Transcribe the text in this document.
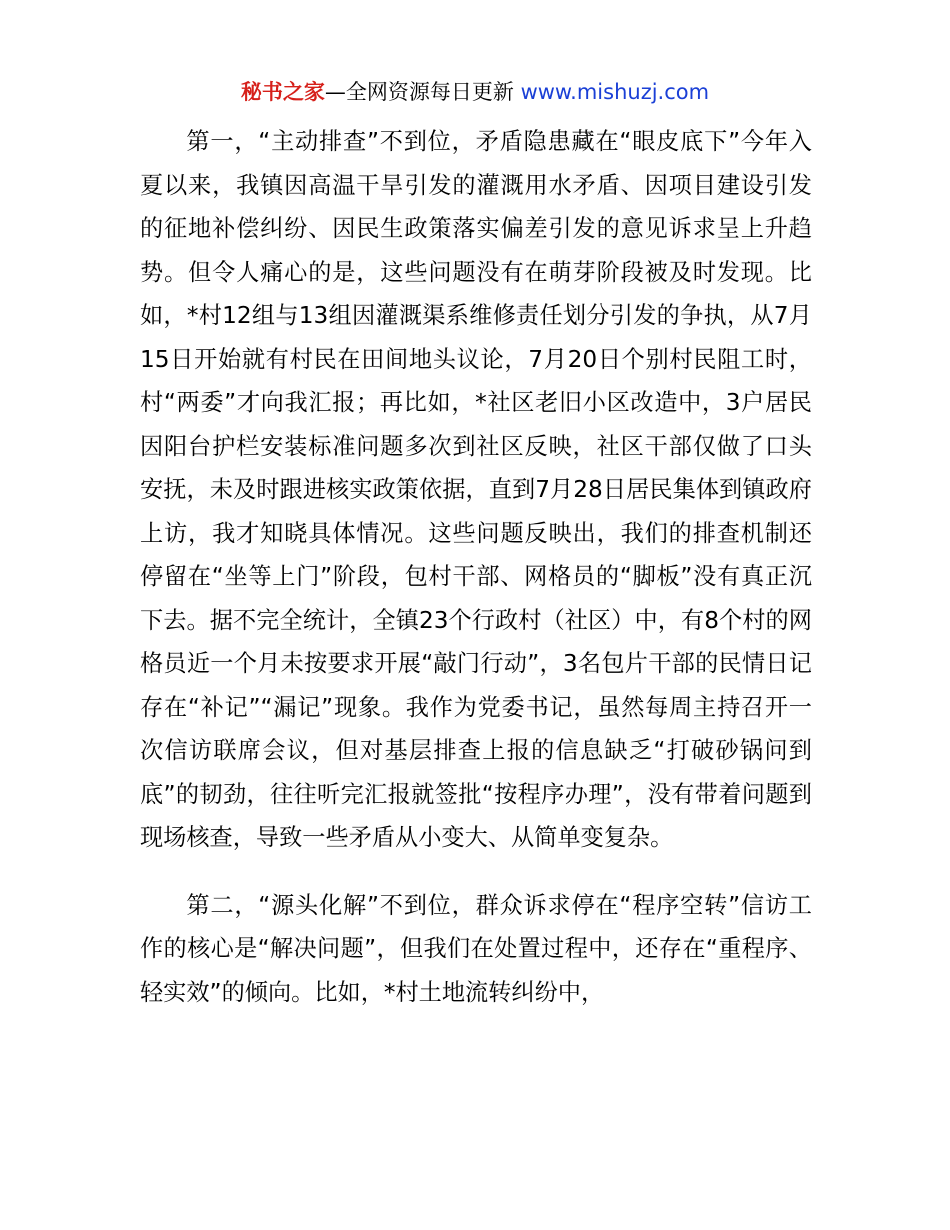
秘书之家—全网资源每日更新 www.mishuzj.com

第一，“主动排查”不到位，矛盾隐患藏在“眼皮底下”今年入夏以来，我镇因高温干旱引发的灌溉用水矛盾、因项目建设引发的征地补偿纠纷、因民生政策落实偏差引发的意见诉求呈上升趋势。但令人痛心的是，这些问题没有在萌芽阶段被及时发现。比如，*村12组与13组因灌溉渠系维修责任划分引发的争执，从7月15日开始就有村民在田间地头议论，7月20日个别村民阻工时，村“两委”才向我汇报；再比如，*社区老旧小区改造中，3户居民因阳台护栏安装标准问题多次到社区反映，社区干部仅做了口头安抚，未及时跟进核实政策依据，直到7月28日居民集体到镇政府上访，我才知晓具体情况。这些问题反映出，我们的排查机制还停留在“坐等上门”阶段，包村干部、网格员的“脚板”没有真正沉下去。据不完全统计，全镇23个行政村（社区）中，有8个村的网格员近一个月未按要求开展“敲门行动”，3名包片干部的民情日记存在“补记”“漏记”现象。我作为党委书记，虽然每周主持召开一次信访联席会议，但对基层排查上报的信息缺乏“打破砂锅问到底”的韧劲，往往听完汇报就签批“按程序办理”，没有带着问题到现场核查，导致一些矛盾从小变大、从简单变复杂。

第二，“源头化解”不到位，群众诉求停在“程序空转”信访工作的核心是“解决问题”，但我们在处置过程中，还存在“重程序、轻实效”的倾向。比如，*村土地流转纠纷中，
